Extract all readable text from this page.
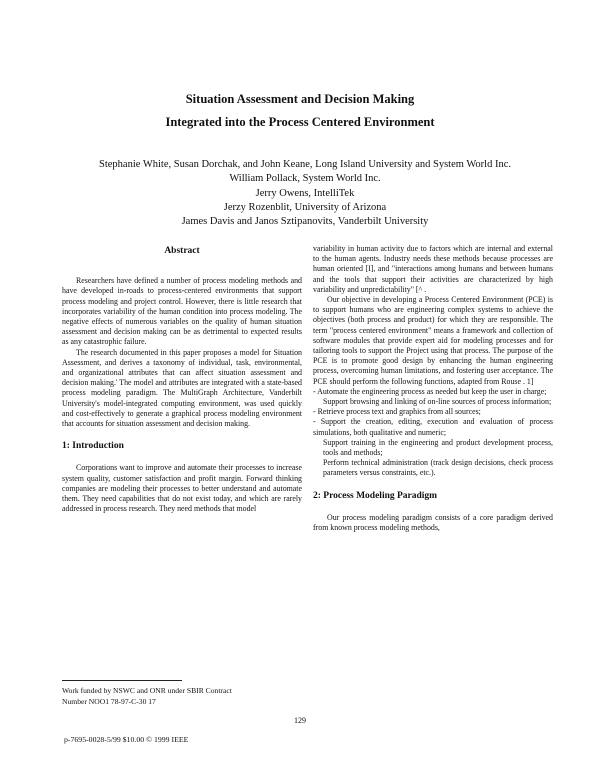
Situation Assessment and Decision Making
Integrated into the Process Centered Environment
Stephanie White, Susan Dorchak, and John Keane, Long Island University and System World Inc.
William Pollack, System World Inc.
Jerry Owens, IntelliTek
Jerzy Rozenblit, University of Arizona
James Davis and Janos Sztipanovits, Vanderbilt University
Abstract

Researchers have defined a number of process modeling methods and have developed in-roads to process-centered environments that support process modeling and project control. However, there is little research that incorporates variability of the human condition into process modeling. The negative effects of numerous variables on the quality of human situation assessment and decision making can be as detrimental to expected results as any catastrophic failure.

The research documented in this paper proposes a model for Situation Assessment, and derives a taxonomy of individual, task, environmental, and organizational attributes that can affect situation assessment and decision making.' The model and attributes are integrated with a state-based process modeling paradigm. The MultiGraph Architecture, Vanderbilt University's model-integrated computing environment, was used quickly and cost-effectively to generate a graphical process modeling environment that accounts for situation assessment and decision making.

1: Introduction

Corporations want to improve and automate their processes to increase system quality, customer satisfaction and profit margin. Forward thinking companies are modeling their processes to better understand and automate them. They need capabilities that do not exist today, and which are rarely addressed in process research. They need methods that model

variability in human activity due to factors which are internal and external to the human agents. Industry needs these methods because processes are human oriented [I], and "interactions among humans and between humans and the tools that support their activities are characterized by high variability and unpredictability" [^ .

Our objective in developing a Process Centered Environment (PCE) is to support humans who are engineering complex systems to achieve the objectives (both process and product) for which they are responsible. The term "process centered environment" means a framework and collection of software modules that provide expert aid for modeling processes and for tailoring tools to support the Project using that process. The purpose of the PCE is to promote good design by enhancing the human engineering process, overcoming human limitations, and fostering user acceptance. The PCE should perform the following functions, adapted from Rouse . 1]

- Automate the engineering process as needed but keep the user in charge;

Support browsing and linking of on-line sources of process information;

- Retrieve process text and graphics from all sources;

- Support the creation, editing, execution and evaluation of process simulations, both qualitative and numeric;

Support training in the engineering and product development process, tools and methods;

Perform technical administration (track design decisions, check process parameters versus constraints, etc.).

2: Process Modeling Paradigm

Our process modeling paradigm consists of a core paradigm derived from known process modeling methods,

Work funded by NSWC and ONR under SBIR Contract
Number NOO1 78-97-C-30 17
129
p-7695-0028-5/99 $10.00 © 1999 IEEE
